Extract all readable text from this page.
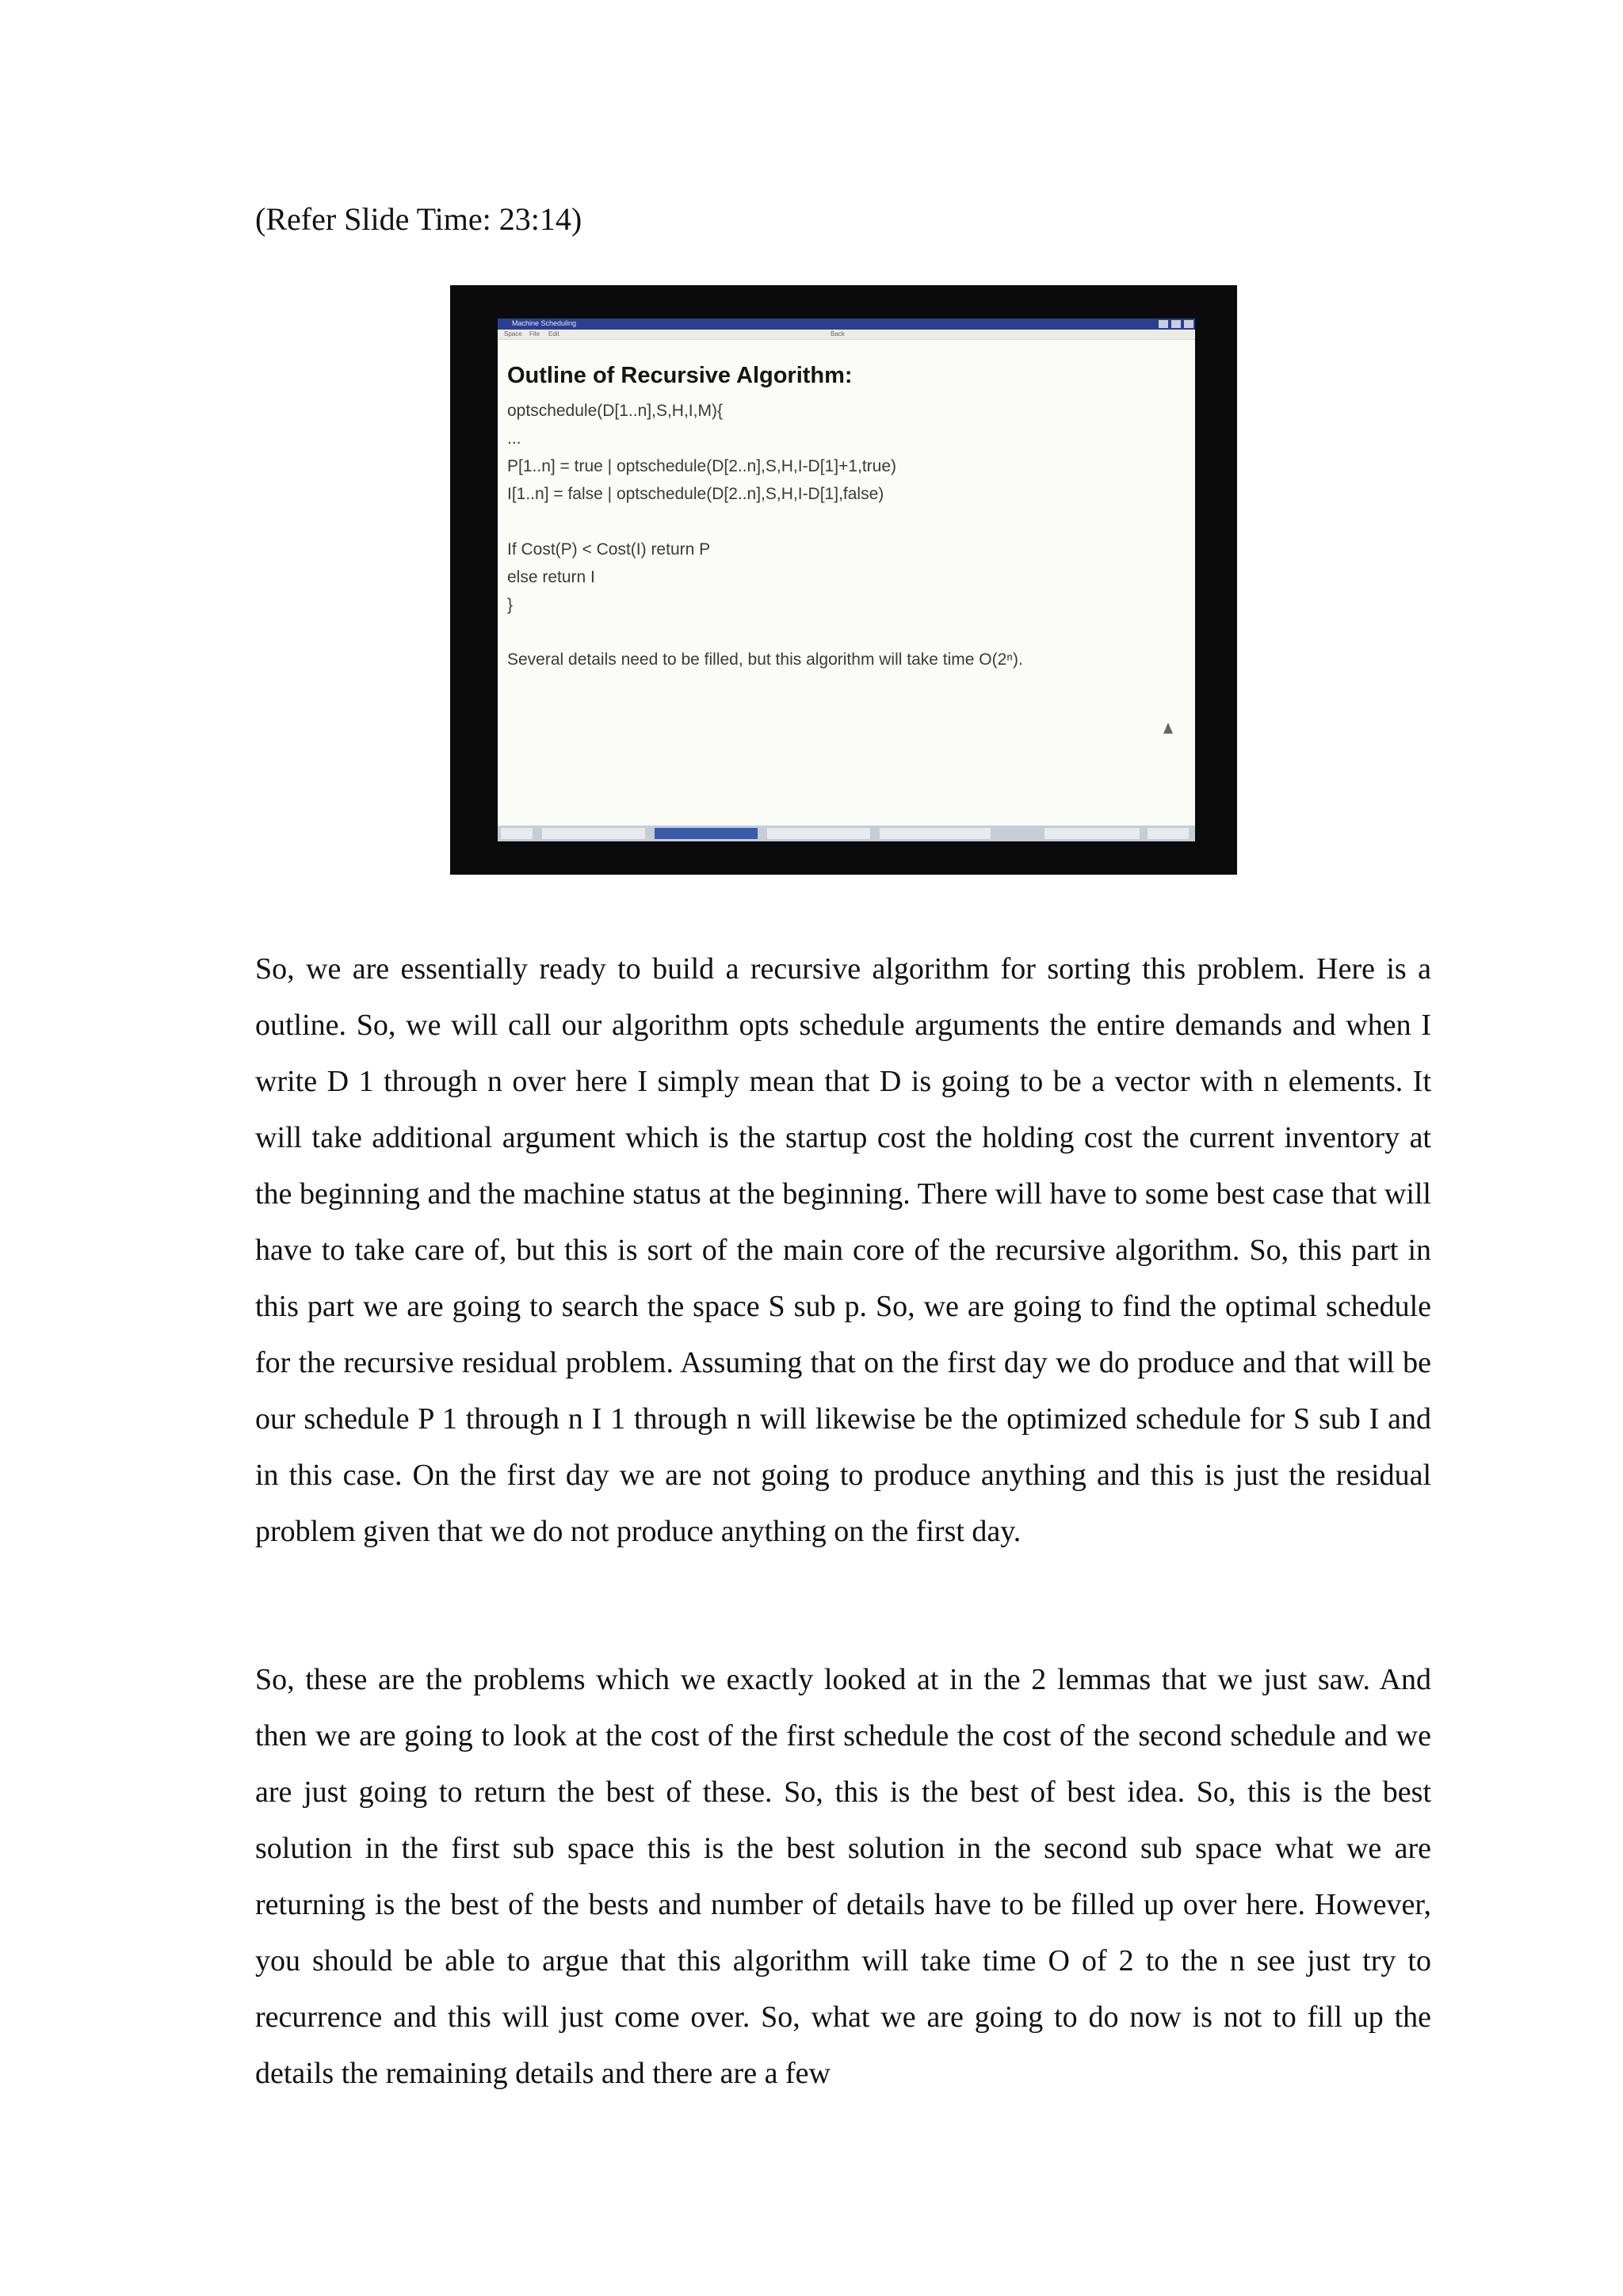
(Refer Slide Time: 23:14)
Machine Scheduling
Space File Edit	Back
Outline of Recursive Algorithm:
optschedule(D[1..n],S,H,I,M){
...
P[1..n] = true | optschedule(D[2..n],S,H,I-D[1]+1,true)
I[1..n] = false | optschedule(D[2..n],S,H,I-D[1],false)
If Cost(P) < Cost(I) return P
else return I
}
Several details need to be filled, but this algorithm will take time O(2ⁿ).

So, we are essentially ready to build a recursive algorithm for sorting this problem. Here is a outline. So, we will call our algorithm opts schedule arguments the entire demands and when I write D 1 through n over here I simply mean that D is going to be a vector with n elements. It will take additional argument which is the startup cost the holding cost the current inventory at the beginning and the machine status at the beginning. There will have to some best case that will have to take care of, but this is sort of the main core of the recursive algorithm. So, this part in this part we are going to search the space S sub p. So, we are going to find the optimal schedule for the recursive residual problem. Assuming that on the first day we do produce and that will be our schedule P 1 through n I 1 through n will likewise be the optimized schedule for S sub I and in this case. On the first day we are not going to produce anything and this is just the residual problem given that we do not produce anything on the first day.

So, these are the problems which we exactly looked at in the 2 lemmas that we just saw. And then we are going to look at the cost of the first schedule the cost of the second schedule and we are just going to return the best of these. So, this is the best of best idea. So, this is the best solution in the first sub space this is the best solution in the second sub space what we are returning is the best of the bests and number of details have to be filled up over here. However, you should be able to argue that this algorithm will take time O of 2 to the n see just try to recurrence and this will just come over. So, what we are going to do now is not to fill up the details the remaining details and there are a few
